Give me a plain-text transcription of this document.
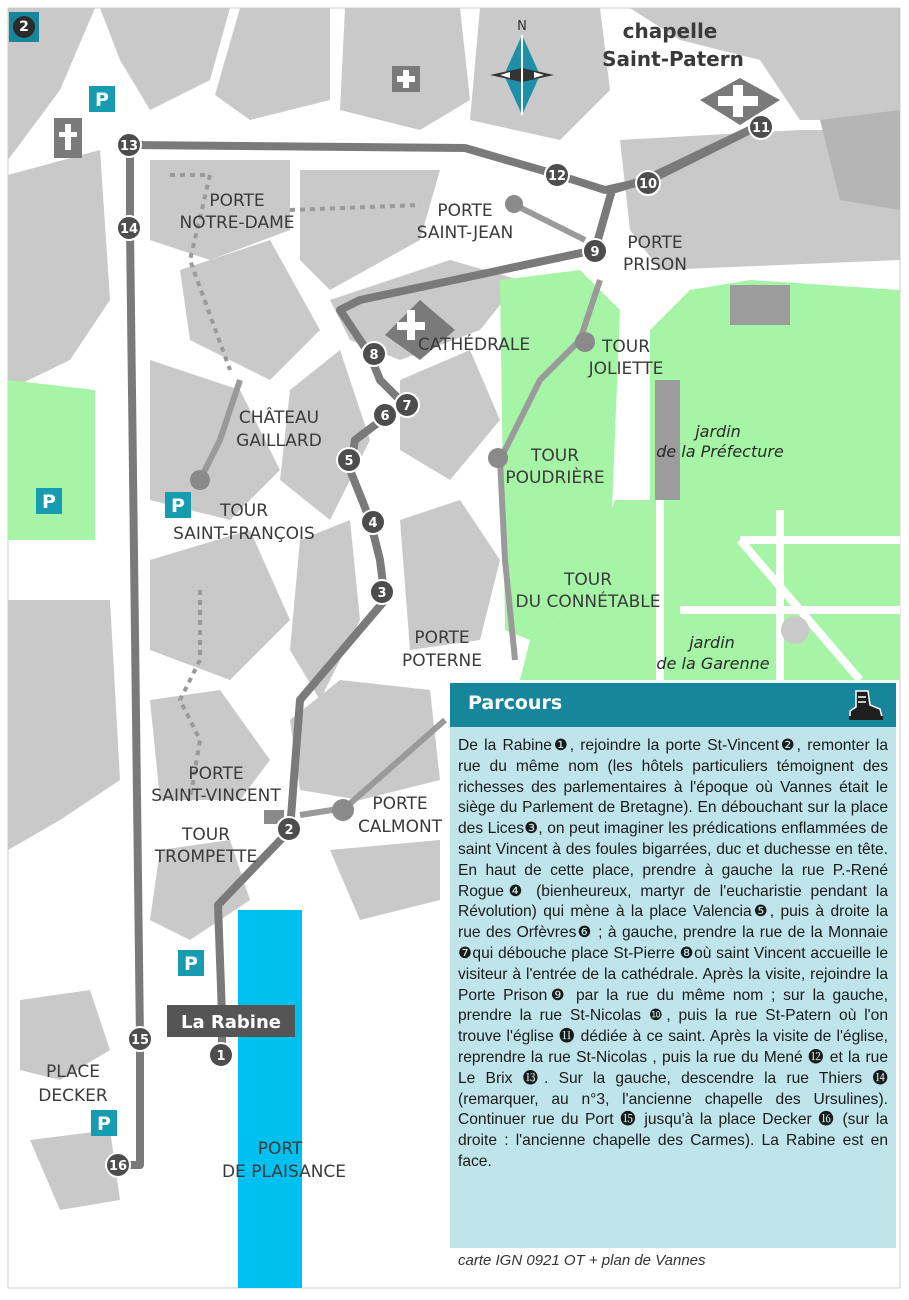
N
P
P	P
P
P
chapelle
Saint-Patern
PORTE
NOTRE-DAME
PORTE
SAINT-JEAN	PORTE
PRISON
CATHÉDRALE	TOUR
JOLIETTE
CHÂTEAU
GAILLARD	jardin
de la Préfecture
TOUR
POUDRIÈRE
TOUR
SAINT-FRANÇOIS
TOUR
DU CONNÉTABLE
jardin
de la Garenne
PORTE
POTERNE
PORTE
SAINT-VINCENT	PORTE
CALMONT
TOUR
TROMPETTE
PLACE
DECKER
PORT
DE PLAISANCE
La Rabine
1
2
3
4
5
6
7
8
9
10
11
12
13
14
15
16
2
Parcours
De la Rabine❶, rejoindre la porte St-Vincent❷, remonter la rue du même nom (les hôtels particuliers témoignent des richesses des parlementaires à l'époque où Vannes était le siège du Parlement de Bretagne). En débouchant sur la place des Lices❸, on peut imaginer les prédications enflammées de saint Vincent à des foules bigarrées, duc et duchesse en tête. En haut de cette place, prendre à gauche la rue P.-René Rogue❹ (bienheureux, martyr de l'eucharistie pendant la Révolution) qui mène à la place Valencia❺, puis à droite la rue des Orfèvres❻ ; à gauche, prendre la rue de la Monnaie ❼qui débouche place St-Pierre ❽où saint Vincent accueille le visiteur à l'entrée de la cathédrale. Après la visite, rejoindre la Porte Prison❾ par la rue du même nom ; sur la gauche, prendre la rue St-Nicolas ❿, puis la rue St-Patern où l'on trouve l'église ⓫ dédiée à ce saint. Après la visite de l'église, reprendre la rue St-Nicolas , puis la rue du Mené ⓬ et la rue Le Brix ⓭. Sur la gauche, descendre la rue Thiers ⓮ (remarquer, au n°3, l'ancienne chapelle des Ursulines). Continuer rue du Port ⓯ jusqu'à la place Decker ⓰ (sur la droite : l'ancienne chapelle des Carmes). La Rabine est en face.
carte IGN 0921 OT + plan de Vannes
